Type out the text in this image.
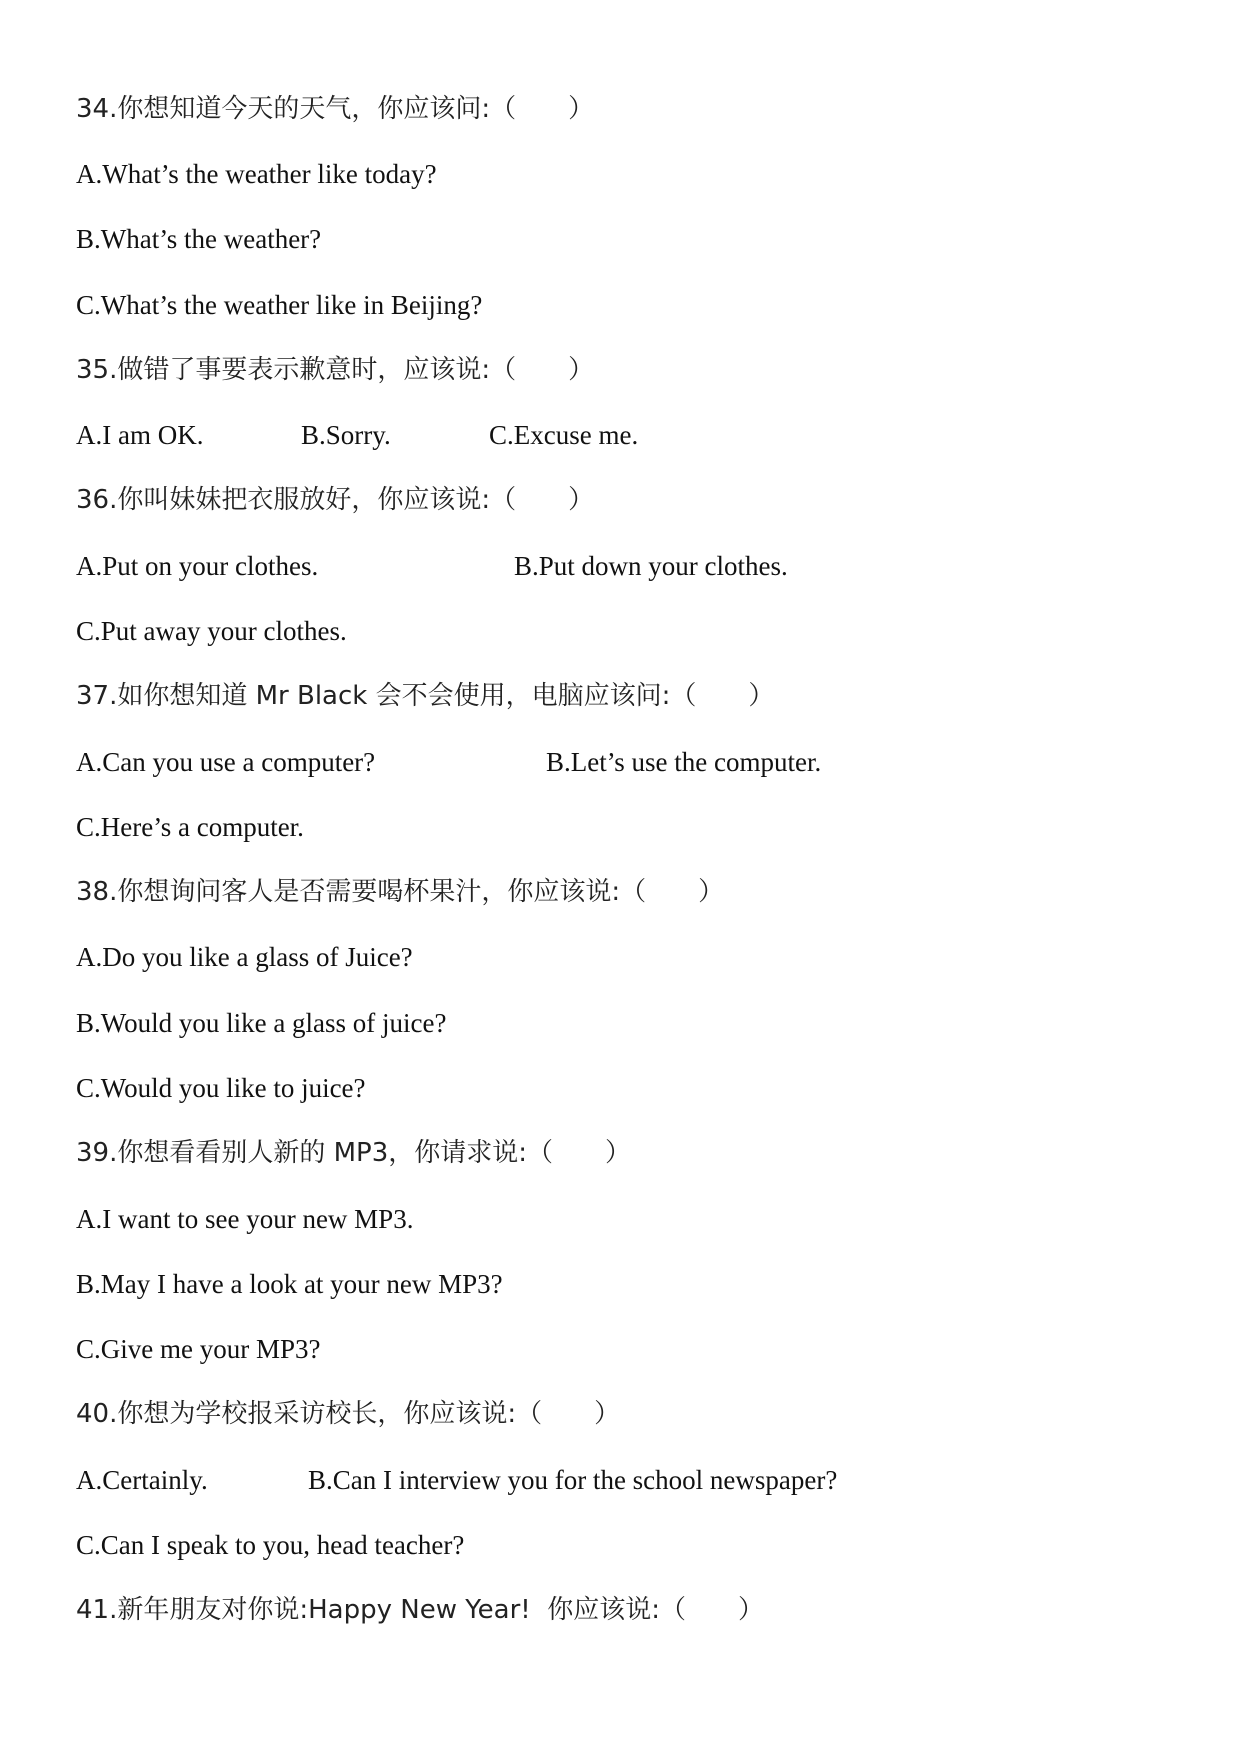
34.你想知道今天的天气，你应该问:（　　）
A.What’s the weather like today?
B.What’s the weather?
C.What’s the weather like in Beijing?
35.做错了事要表示歉意时，应该说:（　　）
A.I am OK.	B.Sorry.	C.Excuse me.
36.你叫妹妹把衣服放好，你应该说:（　　）
A.Put on your clothes.	B.Put down your clothes.
C.Put away your clothes.
37.如你想知道 Mr Black 会不会使用，电脑应该问:（　　）
A.Can you use a computer?	B.Let’s use the computer.
C.Here’s a computer.
38.你想询问客人是否需要喝杯果汁，你应该说:（　　）
A.Do you like a glass of Juice?
B.Would you like a glass of juice?
C.Would you like to juice?
39.你想看看别人新的 MP3，你请求说:（　　）
A.I want to see your new MP3.
B.May I have a look at your new MP3?
C.Give me your MP3?
40.你想为学校报采访校长，你应该说:（　　）
A.Certainly.	B.Can I interview you for the school newspaper?
C.Can I speak to you, head teacher?
41.新年朋友对你说:Happy New Year!  你应该说:（　　）
